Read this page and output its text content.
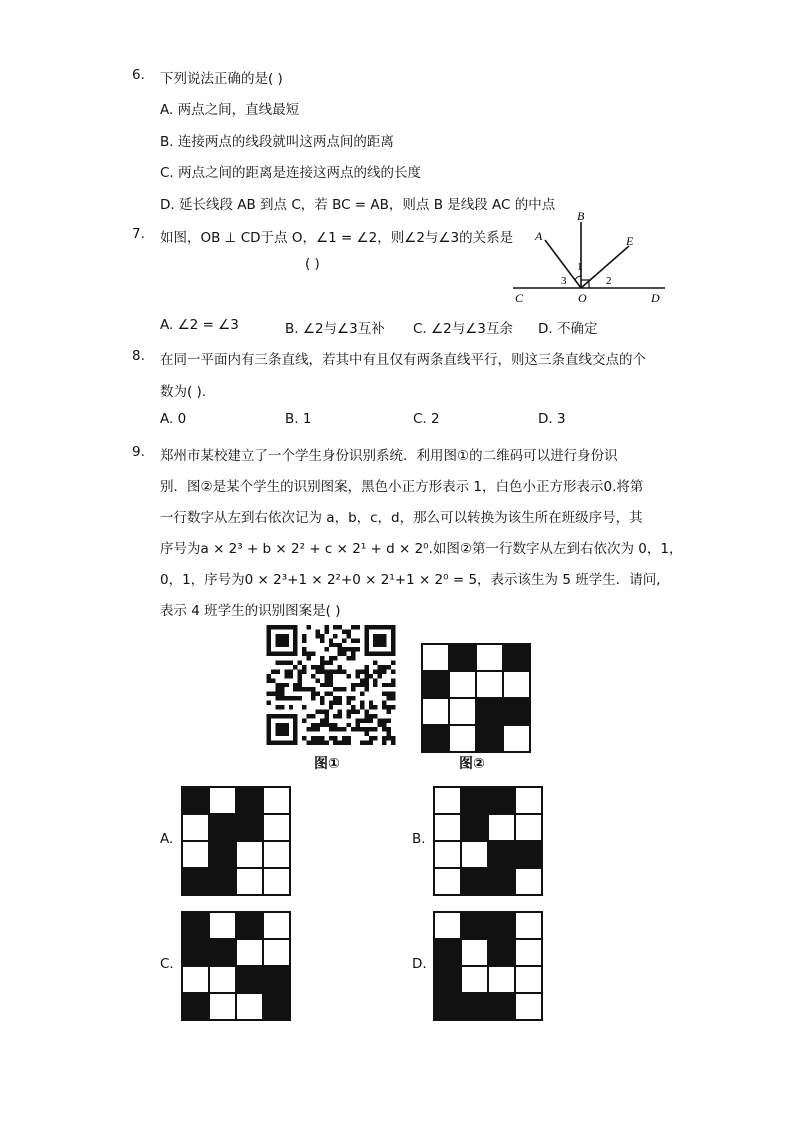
6. 下列说法正确的是( )
A. 两点之间，直线最短
B. 连接两点的线段就叫这两点间的距离
C. 两点之间的距离是连接这两点的线的长度
D. 延长线段 AB 到点 C，若 BC = AB，则点 B 是线段 AC 的中点
7. 如图，OB ⊥ CD于点 O，∠1 = ∠2，则∠2与∠3的关系是
( )
B
A	E
C	O	D
1
2
3
A. ∠2 = ∠3	B. ∠2与∠3互补 C. ∠2与∠3互余 D. 不确定
8. 在同一平面内有三条直线，若其中有且仅有两条直线平行，则这三条直线交点的个
数为( ).
A. 0	B. 1	C. 2	D. 3
9. 郑州市某校建立了一个学生身份识别系统．利用图①的二维码可以进行身份识
别．图②是某个学生的识别图案，黑色小正方形表示 1，白色小正方形表示0.将第
一行数字从左到右依次记为 a，b，c，d，那么可以转换为该生所在班级序号，其
序号为a × 2³ + b × 2² + c × 2¹ + d × 2⁰.如图②第一行数字从左到右依次为 0，1，
0，1，序号为0 × 2³+1 × 2²+0 × 2¹+1 × 2⁰ = 5，表示该生为 5 班学生．请问,
表示 4 班学生的识别图案是( )
图①	图②
A.	B.
C.	D.
